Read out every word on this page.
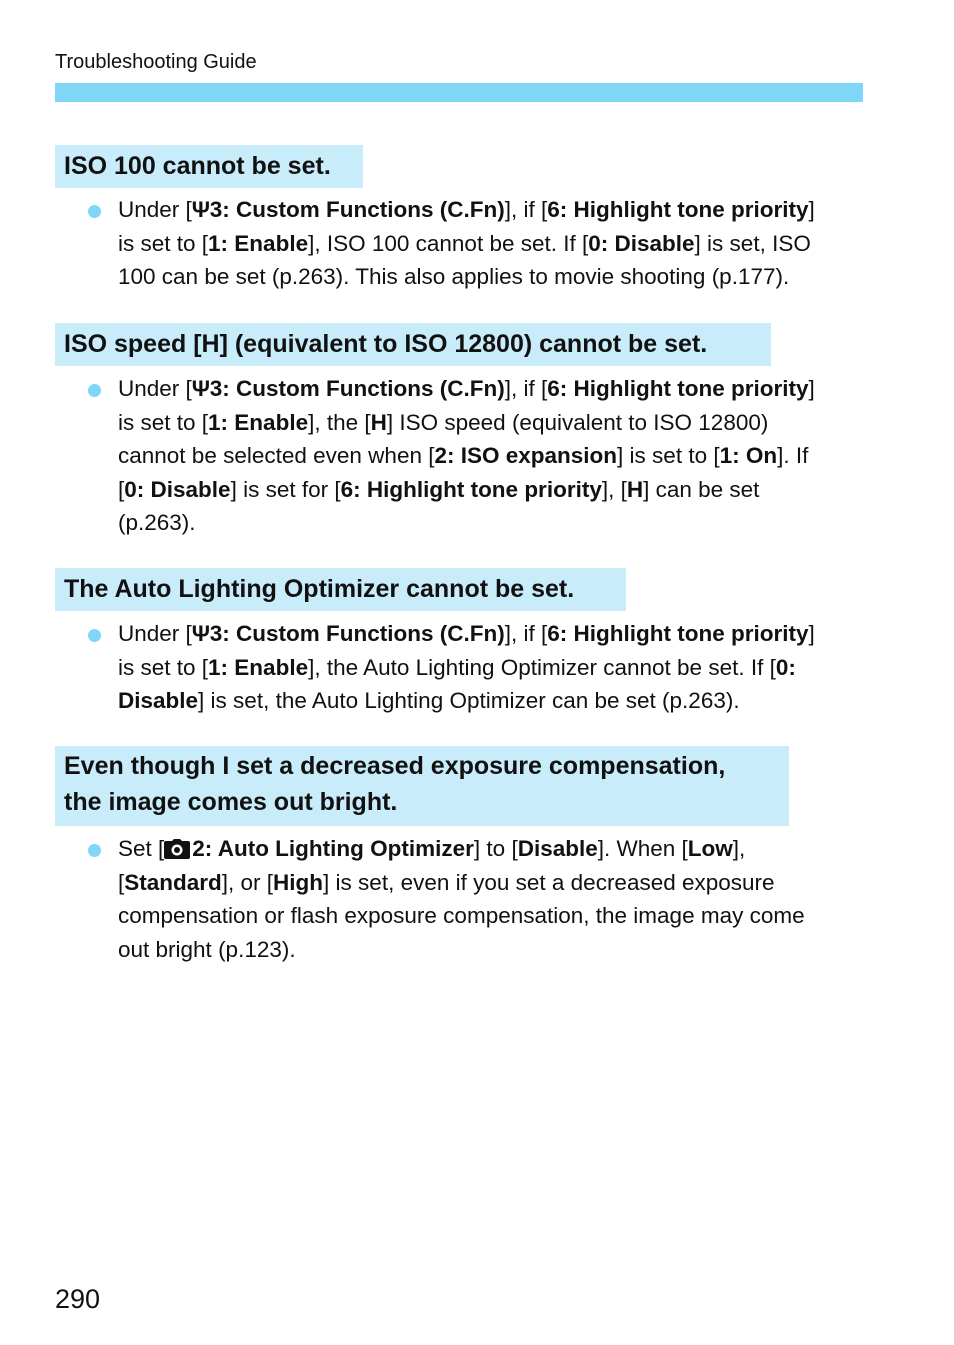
Troubleshooting Guide
ISO 100 cannot be set.
Under [Ψ3: Custom Functions (C.Fn)], if [6: Highlight tone priority]
is set to [1: Enable], ISO 100 cannot be set. If [0: Disable] is set, ISO
100 can be set (p.263). This also applies to movie shooting (p.177).
ISO speed [H] (equivalent to ISO 12800) cannot be set.
Under [Ψ3: Custom Functions (C.Fn)], if [6: Highlight tone priority]
is set to [1: Enable], the [H] ISO speed (equivalent to ISO 12800)
cannot be selected even when [2: ISO expansion] is set to [1: On]. If
[0: Disable] is set for [6: Highlight tone priority], [H] can be set
(p.263).
The Auto Lighting Optimizer cannot be set.
Under [Ψ3: Custom Functions (C.Fn)], if [6: Highlight tone priority]
is set to [1: Enable], the Auto Lighting Optimizer cannot be set. If [0:
Disable] is set, the Auto Lighting Optimizer can be set (p.263).
Even though I set a decreased exposure compensation,
the image comes out bright.
Set [ 2: Auto Lighting Optimizer] to [Disable]. When [Low],
[Standard], or [High] is set, even if you set a decreased exposure
compensation or flash exposure compensation, the image may come
out bright (p.123).
290
